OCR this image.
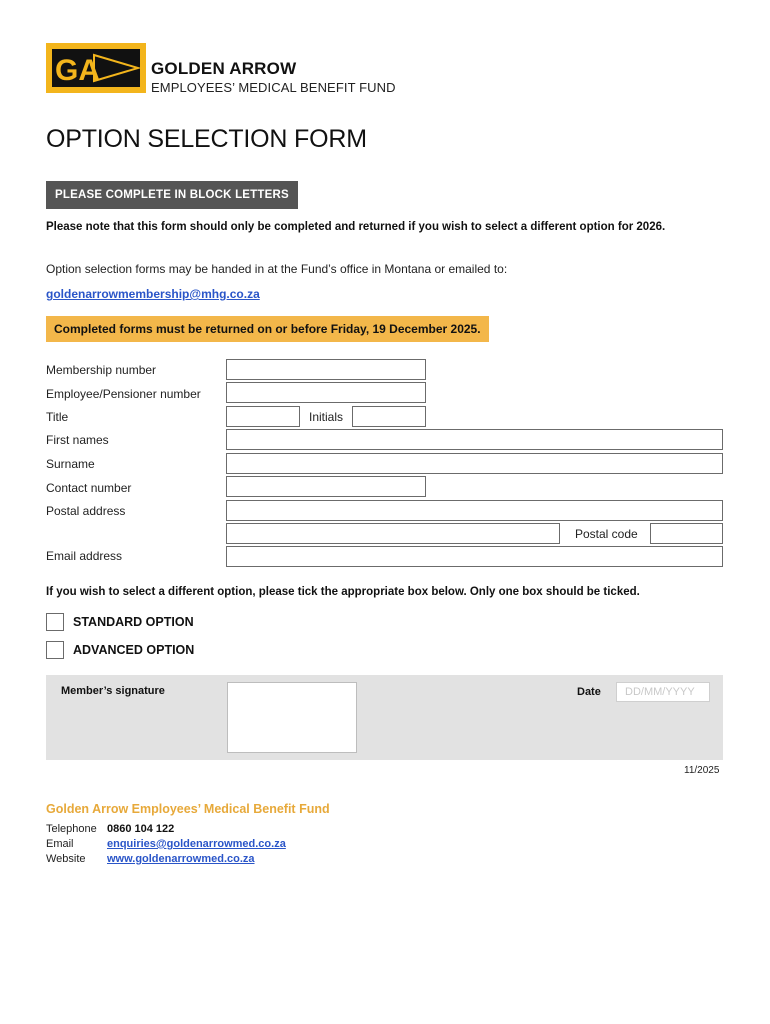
GA	GOLDEN ARROW
EMPLOYEES’ MEDICAL BENEFIT FUND
OPTION SELECTION FORM
PLEASE COMPLETE IN BLOCK LETTERS
Please note that this form should only be completed and returned if you wish to select a different option for 2026.
Option selection forms may be handed in at the Fund’s office in Montana or emailed to:
goldenarrowmembership@mhg.co.za
Completed forms must be returned on or before Friday, 19 December 2025.
Membership number
Employee/Pensioner number
Title	Initials
First names
Surname
Contact number
Postal address
Postal code
Email address
If you wish to select a different option, please tick the appropriate box below. Only one box should be ticked.
STANDARD OPTION
ADVANCED OPTION
Member’s signature	Date	DD/MM/YYYY
11/2025
Golden Arrow Employees’ Medical Benefit Fund
Telephone 0860 104 122
Email	enquiries@goldenarrowmed.co.za
Website www.goldenarrowmed.co.za
